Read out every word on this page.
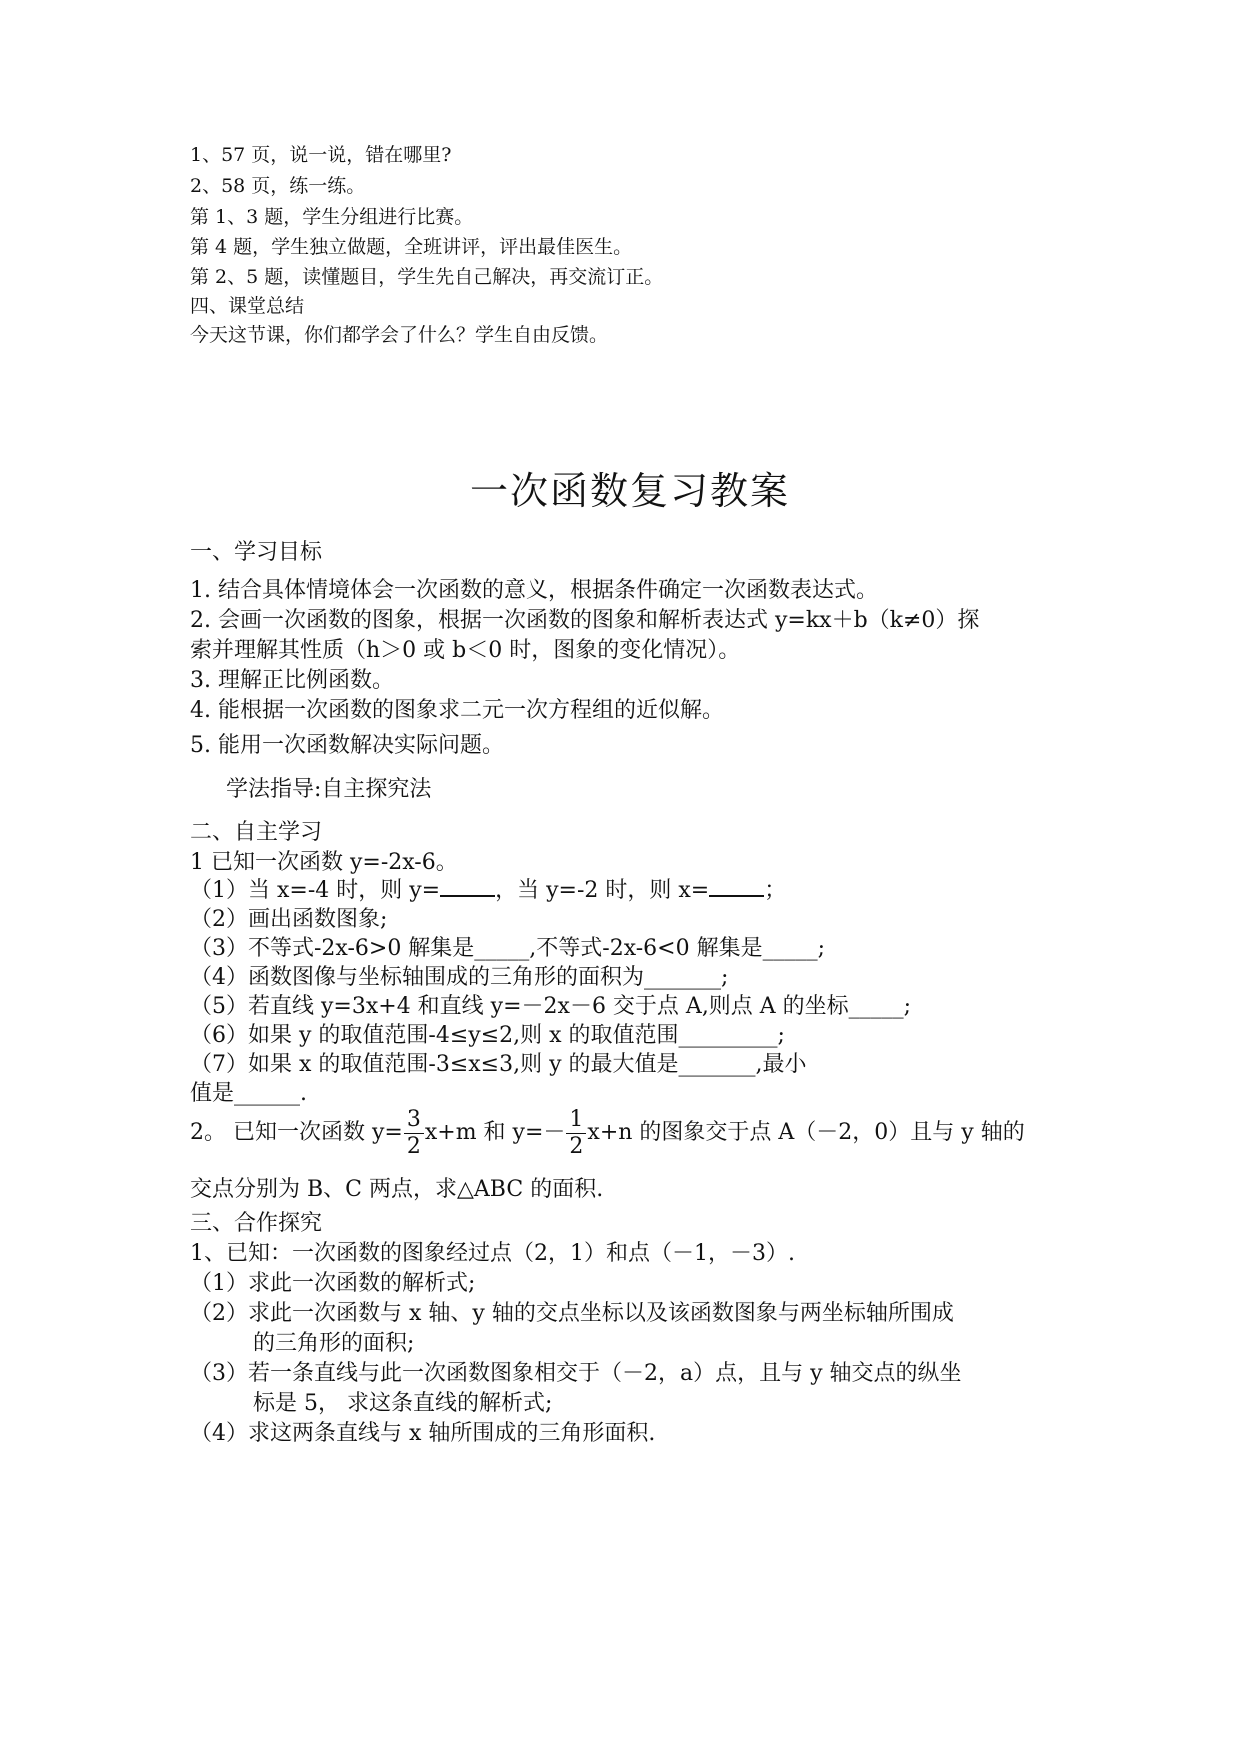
1、57 页，说一说，错在哪里?
2、58 页，练一练。
第 1、3 题，学生分组进行比赛。
第 4 题，学生独立做题，全班讲评，评出最佳医生。
第 2、5 题，读懂题目，学生先自己解决，再交流订正。
四、课堂总结
今天这节课，你们都学会了什么？学生自由反馈。
一次函数复习教案
一、学习目标
1. 结合具体情境体会一次函数的意义，根据条件确定一次函数表达式。
2. 会画一次函数的图象，根据一次函数的图象和解析表达式 y=kx＋b（k≠0）探
索并理解其性质（h＞0 或 b＜0 时，图象的变化情况）。
3. 理解正比例函数。
4. 能根据一次函数的图象求二元一次方程组的近似解。
5. 能用一次函数解决实际问题。
学法指导:自主探究法
二、自主学习
1 已知一次函数 y=-2x-6。
（1）当 x=-4 时，则 y=	，当 y=-2 时，则 x=	；
（2）画出函数图象;
（3）不等式-2x-6>0 解集是_____,不等式-2x-6<0 解集是_____;
（4）函数图像与坐标轴围成的三角形的面积为_______;
（5）若直线 y=3x+4 和直线 y=－2x－6 交于点 A,则点 A 的坐标_____;
（6）如果 y 的取值范围-4≤y≤2,则 x 的取值范围_________;
（7）如果 x 的取值范围-3≤x≤3,则 y 的最大值是_______,最小
值是______.
2。 已知一次函数 $y= \frac{3}{2} x+m$ 和 $y=- \frac{1}{2} x+n$ 的图象交于点 A（－2，0）且与 y 轴的
交点分别为 B、C 两点，求△ABC 的面积.
三、合作探究
1、已知：一次函数的图象经过点（2，1）和点（－1，－3）.
（1）求此一次函数的解析式;
（2）求此一次函数与 x 轴、y 轴的交点坐标以及该函数图象与两坐标轴所围成
的三角形的面积;
（3）若一条直线与此一次函数图象相交于（－2，a）点，且与 y 轴交点的纵坐
标是 5， 求这条直线的解析式;
（4）求这两条直线与 x 轴所围成的三角形面积.
